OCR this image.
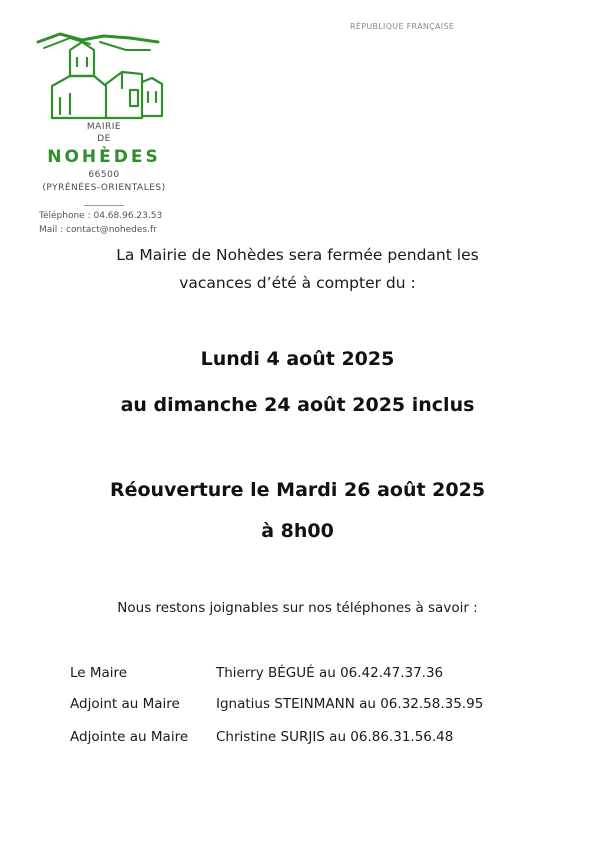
RÉPUBLIQUE FRANÇAISE
MAIRIE
DE
NOHÈDES
66500
(PYRÉNÉES-ORIENTALES)
Téléphone : 04.68.96.23.53
Mail : contact@nohedes.fr
La Mairie de Nohèdes sera fermée pendant les
vacances d’été à compter du :
Lundi 4 août 2025
au dimanche 24 août 2025 inclus
Réouverture le Mardi 26 août 2025
à 8h00
Nous restons joignables sur nos téléphones à savoir :
Le Maire	Thierry BÉGUÉ au 06.42.47.37.36
Adjoint au Maire	Ignatius STEINMANN au 06.32.58.35.95
Adjointe au Maire Christine SURJIS au 06.86.31.56.48
